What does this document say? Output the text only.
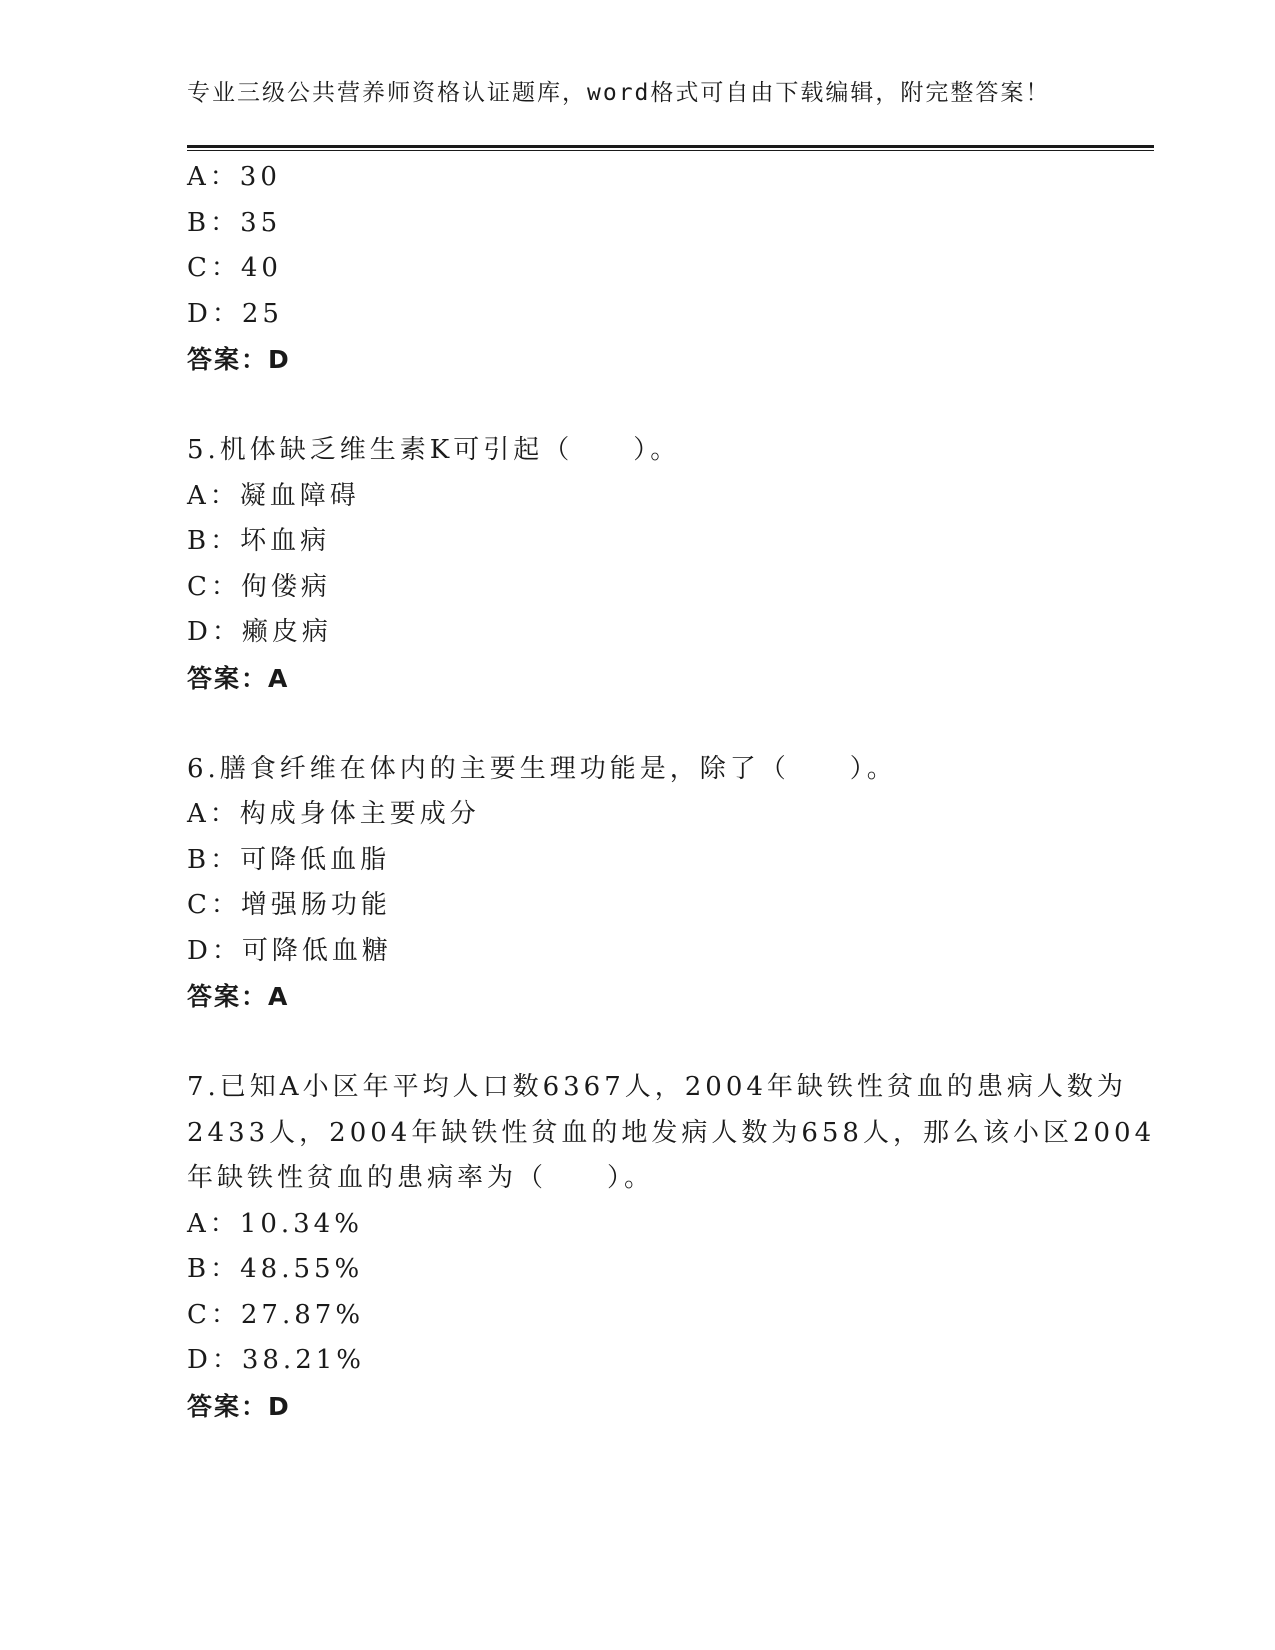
专业三级公共营养师资格认证题库，word格式可自由下载编辑，附完整答案！
A：30
B：35
C：40
D：25
答案：D
5.机体缺乏维生素K可引起（　　）。
A：凝血障碍
B：坏血病
C：佝偻病
D：癞皮病
答案：A
6.膳食纤维在体内的主要生理功能是，除了（　　）。
A：构成身体主要成分
B：可降低血脂
C：增强肠功能
D：可降低血糖
答案：A
7.已知A小区年平均人口数6367人，2004年缺铁性贫血的患病人数为
2433人，2004年缺铁性贫血的地发病人数为658人，那么该小区2004
年缺铁性贫血的患病率为（　　）。
A：10.34%
B：48.55%
C：27.87%
D：38.21%
答案：D
